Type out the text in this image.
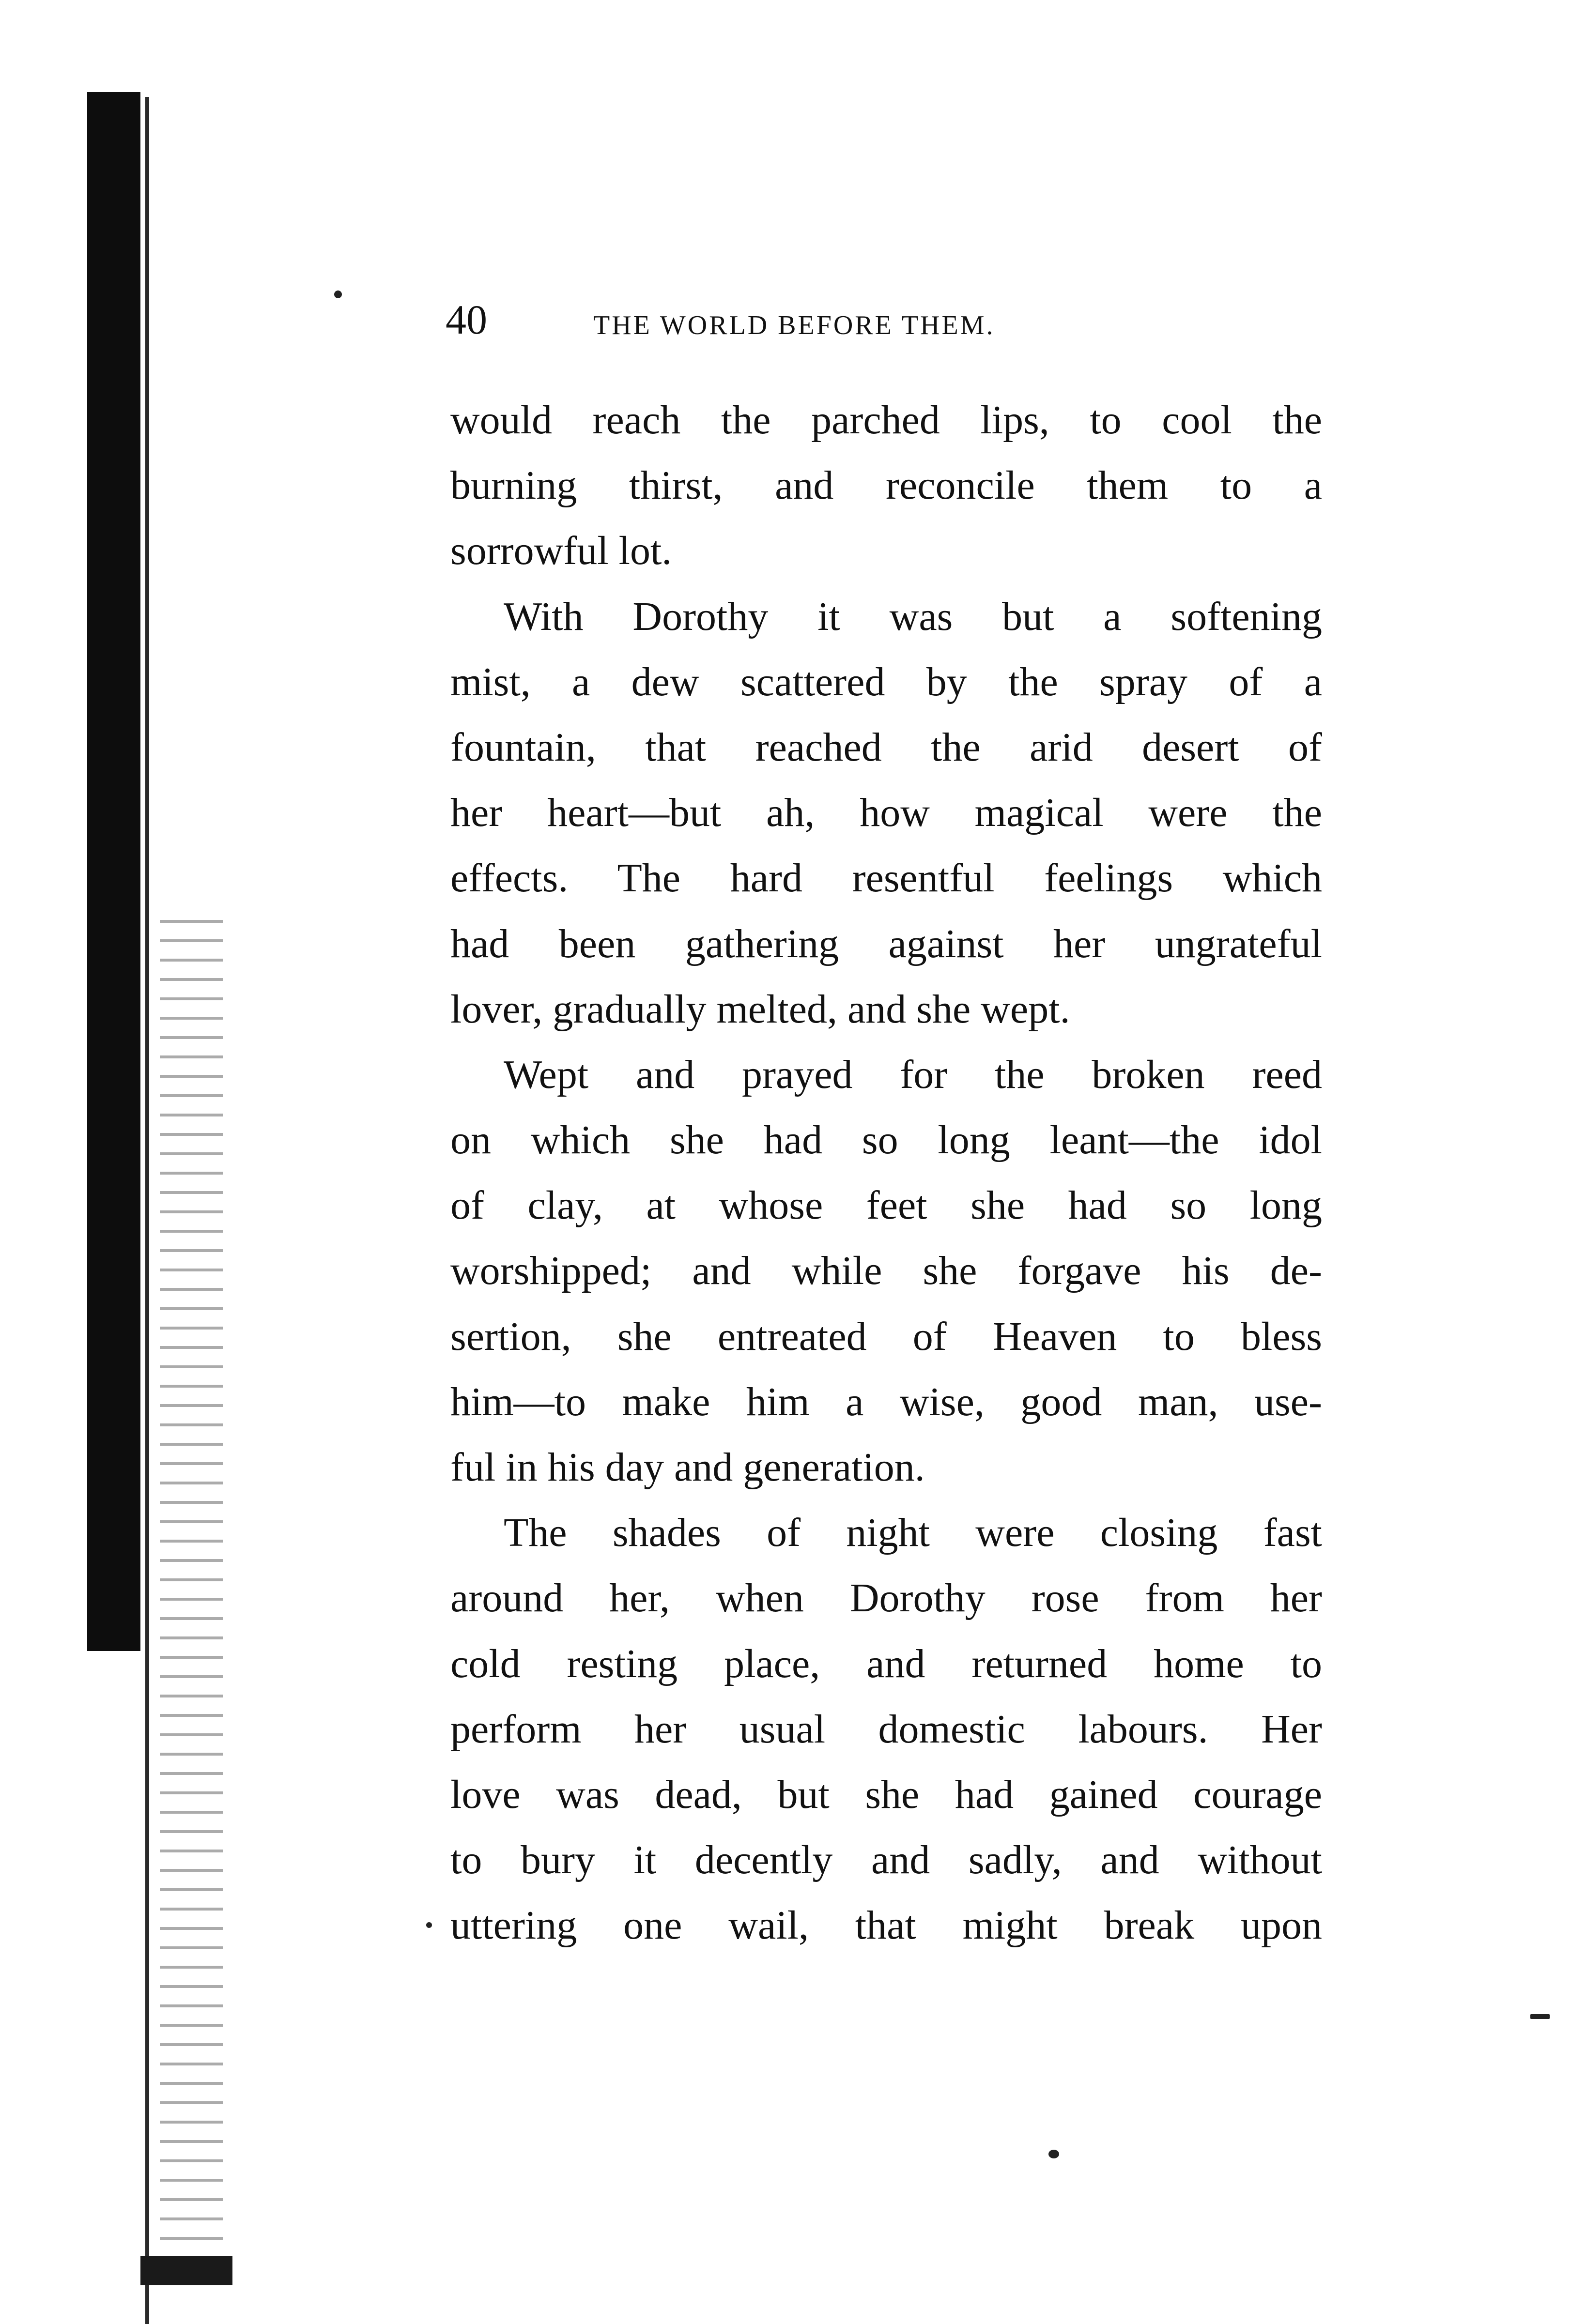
40	THE WORLD BEFORE THEM.
would reach the parched lips, to cool the
burning thirst, and reconcile them to a
sorrowful lot.
With Dorothy it was but a softening
mist, a dew scattered by the spray of a
fountain, that reached the arid desert of
her heart—but ah, how magical were the
effects. The hard resentful feelings which
had been gathering against her ungrateful
lover, gradually melted, and she wept.
Wept and prayed for the broken reed
on which she had so long leant—the idol
of clay, at whose feet she had so long
worshipped; and while she forgave his de-
sertion, she entreated of Heaven to bless
him—to make him a wise, good man, use-
ful in his day and generation.
The shades of night were closing fast
around her, when Dorothy rose from her
cold resting place, and returned home to
perform her usual domestic labours. Her
love was dead, but she had gained courage
to bury it decently and sadly, and without
uttering one wail, that might break upon
